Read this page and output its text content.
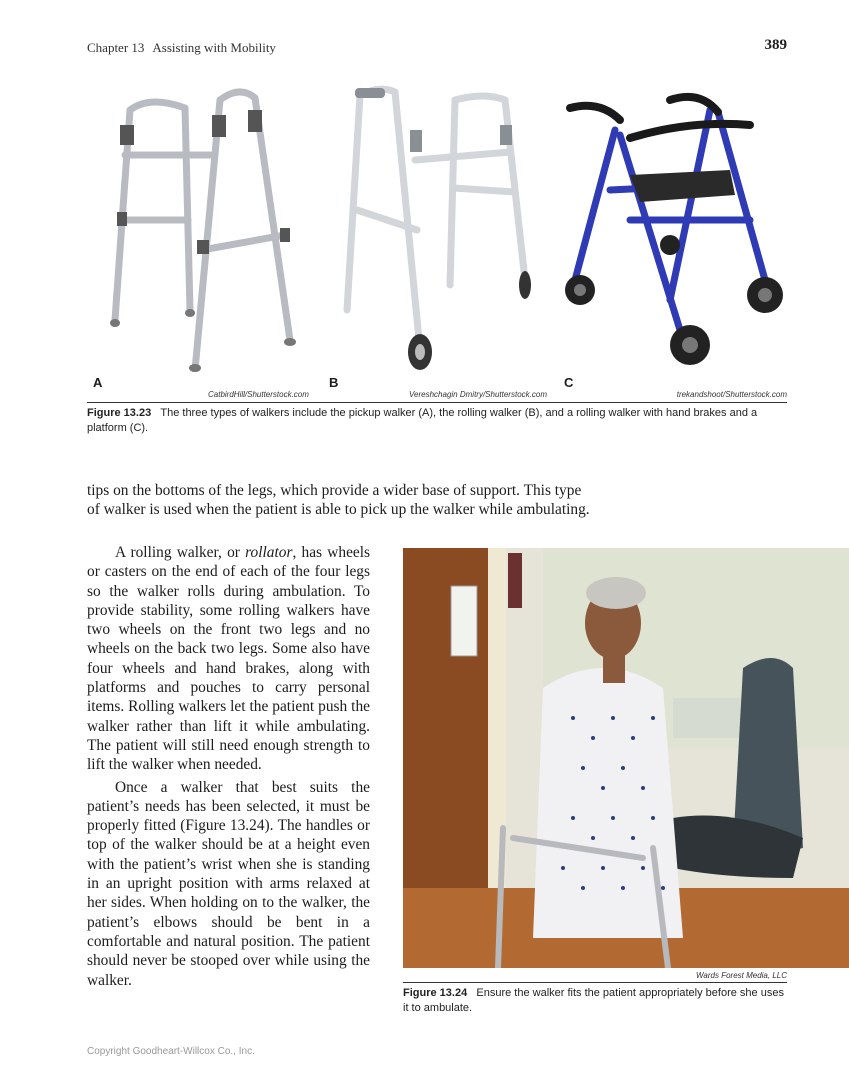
Chapter 13 Assisting with Mobility	389
A
CatbirdHill/Shutterstock.com
B
Vereshchagin Dmitry/Shutterstock.com
C
trekandshoot/Shutterstock.com
Figure 13.23 The three types of walkers include the pickup walker (A), the rolling walker (B), and a rolling walker with hand brakes and a platform (C).

tips on the bottoms of the legs, which provide a wider base of support. This type of walker is used when the patient is able to pick up the walker while ambulating.

A rolling walker, or rollator, has wheels or casters on the end of each of the four legs so the walker rolls during ambulation. To provide stability, some rolling walkers have two wheels on the front two legs and no wheels on the back two legs. Some also have four wheels and hand brakes, along with platforms and pouches to carry personal items. Rolling walkers let the patient push the walker rather than lift it while ambulating. The patient will still need enough strength to lift the walker when needed.

Once a walker that best suits the patient’s needs has been selected, it must be properly fitted (Figure 13.24). The handles or top of the walker should be at a height even with the patient’s wrist when she is standing in an upright position with arms relaxed at her sides. When holding on to the walker, the patient’s elbows should be bent in a comfortable and natural position. The patient should never be stooped over while using the walker.	Wards Forest Media, LLC
Figure 13.24 Ensure the walker fits the patient appropriately before she uses it to ambulate.
Copyright Goodheart-Willcox Co., Inc.
